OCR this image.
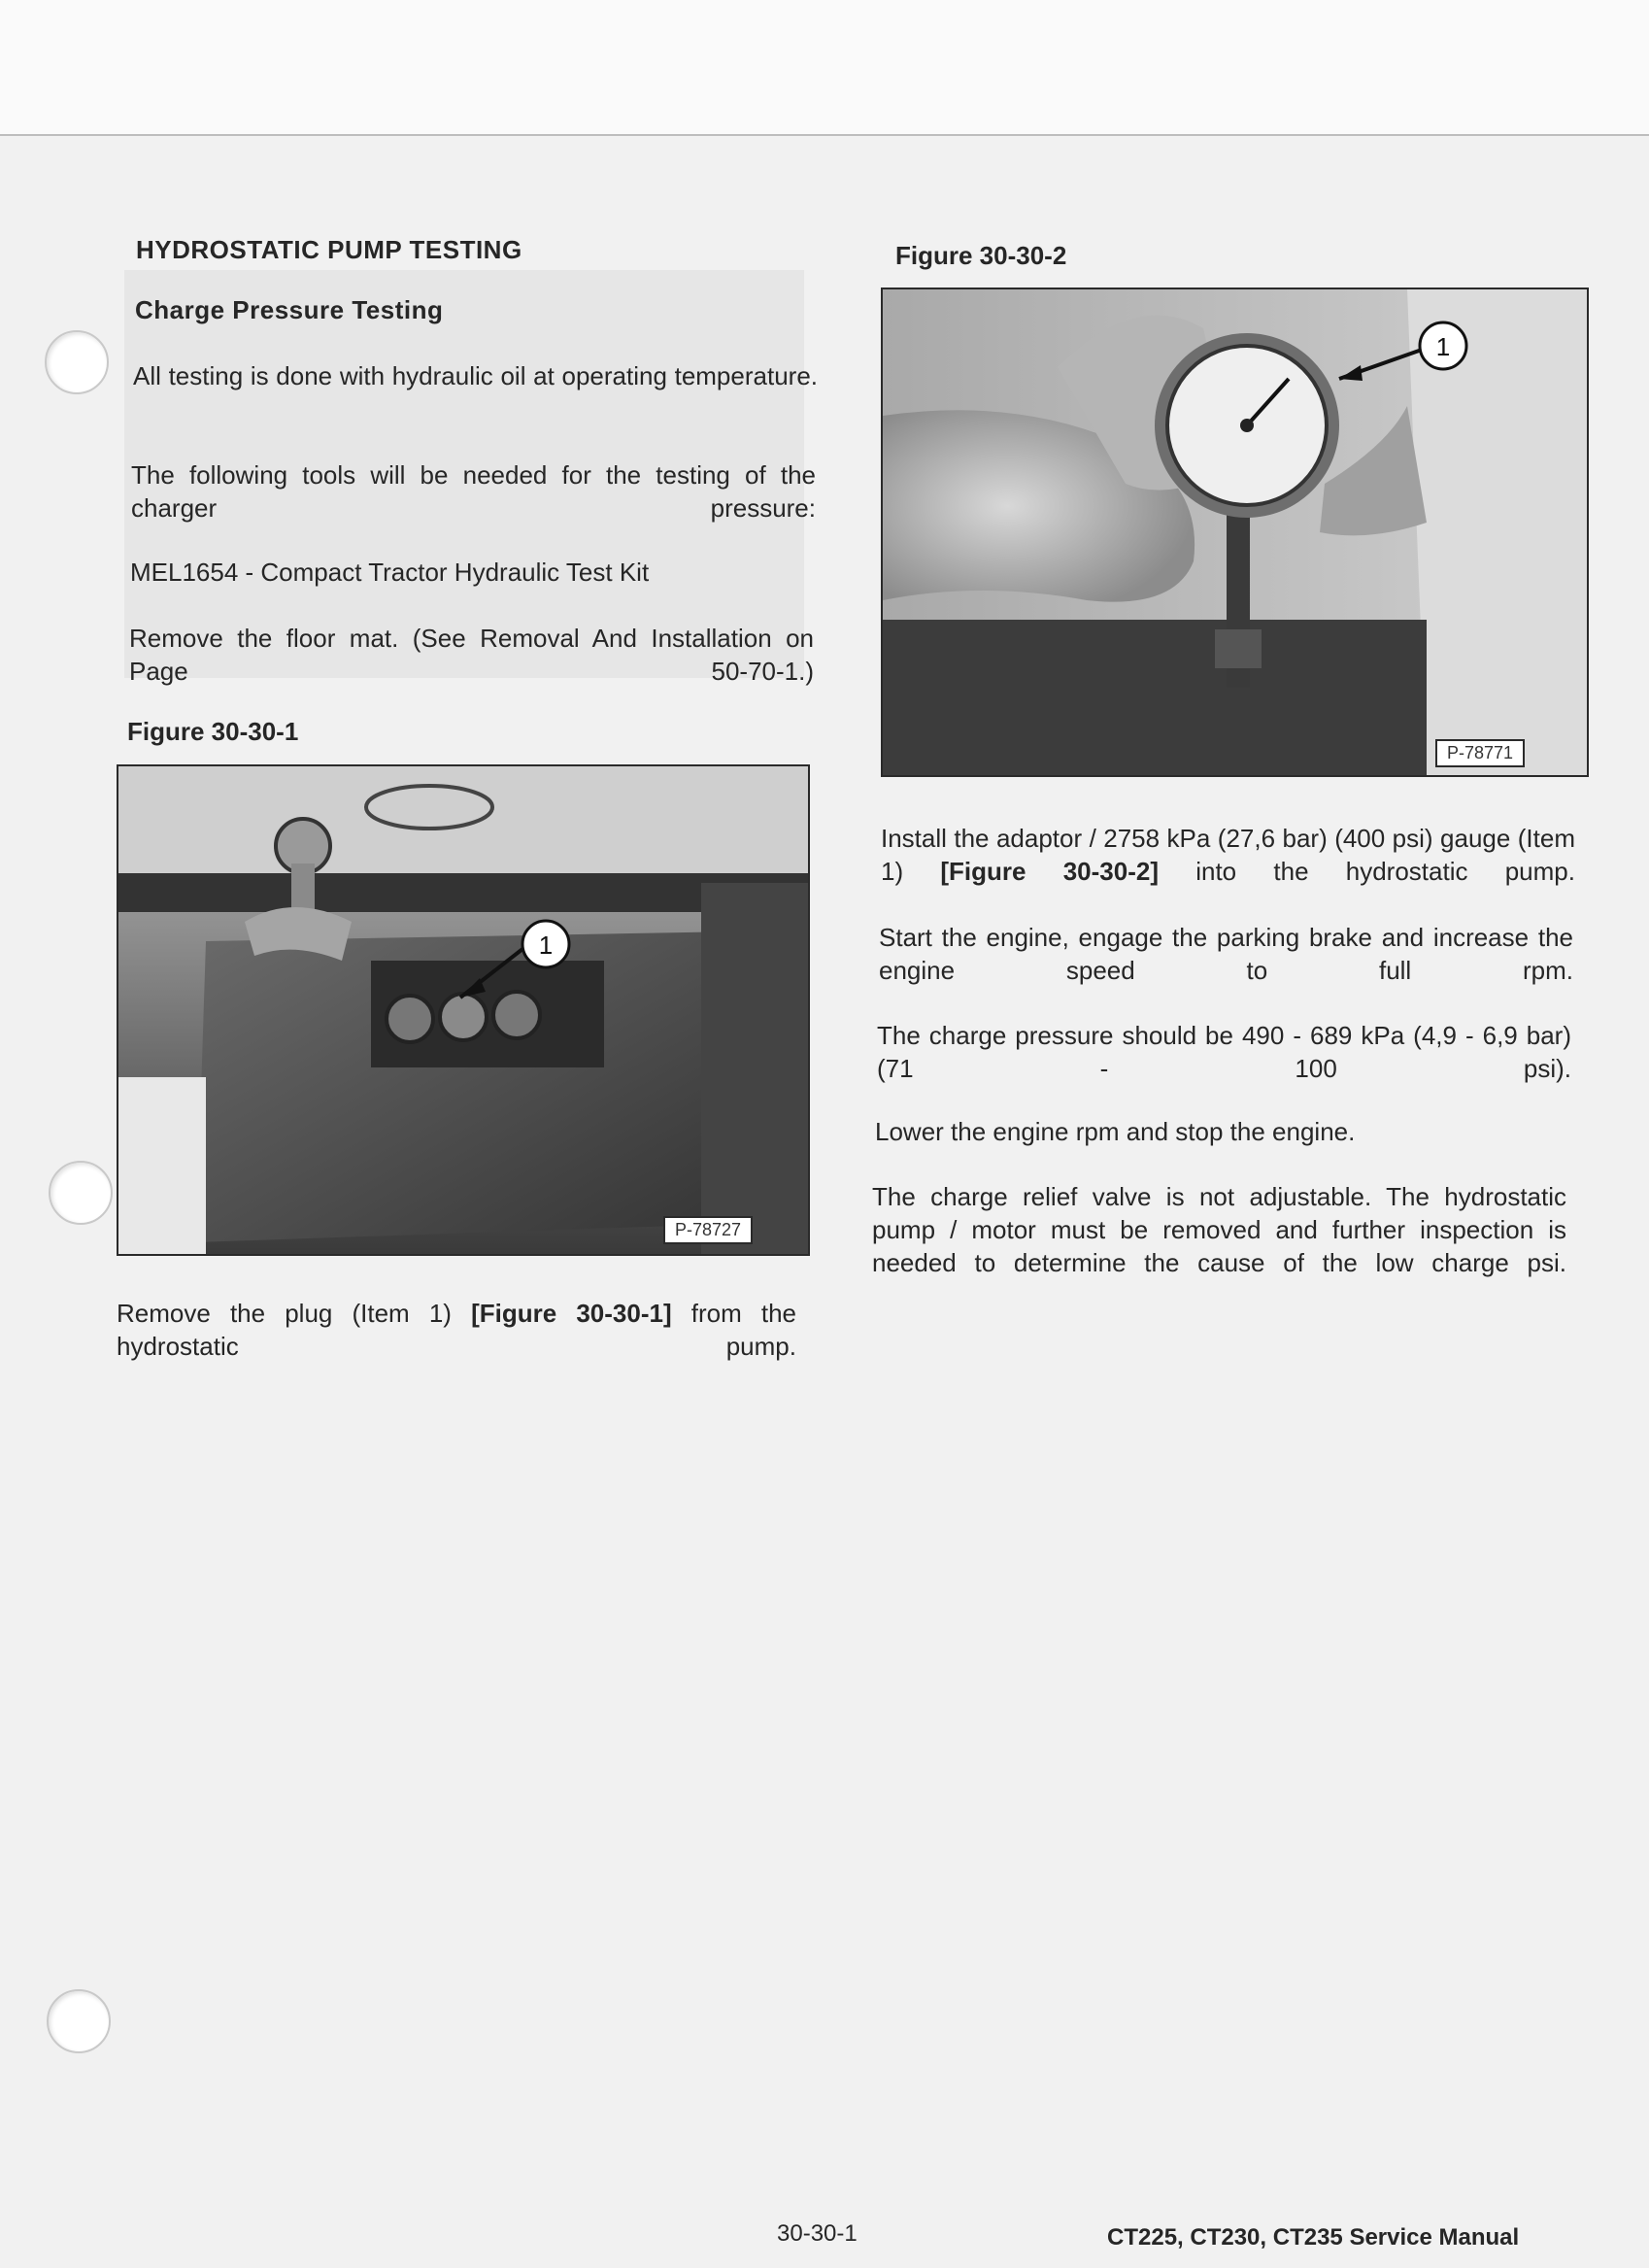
HYDROSTATIC PUMP TESTING
Charge Pressure Testing
All testing is done with hydraulic oil at operating temperature.
The following tools will be needed for the testing of the charger pressure:
MEL1654 - Compact Tractor Hydraulic Test Kit
Remove the floor mat. (See Removal And Installation on Page 50-70-1.)
Figure 30-30-1
1
P-78727
Remove the plug (Item 1) [Figure 30-30-1] from the hydrostatic pump.
Figure 30-30-2
1
P-78771
Install the adaptor / 2758 kPa (27,6 bar) (400 psi) gauge (Item 1) [Figure 30-30-2] into the hydrostatic pump.
Start the engine, engage the parking brake and increase the engine speed to full rpm.
The charge pressure should be 490 - 689 kPa (4,9 - 6,9 bar) (71 - 100 psi).
Lower the engine rpm and stop the engine.
The charge relief valve is not adjustable. The hydrostatic pump / motor must be removed and further inspection is needed to determine the cause of the low charge psi.
30-30-1	CT225, CT230, CT235 Service Manual
